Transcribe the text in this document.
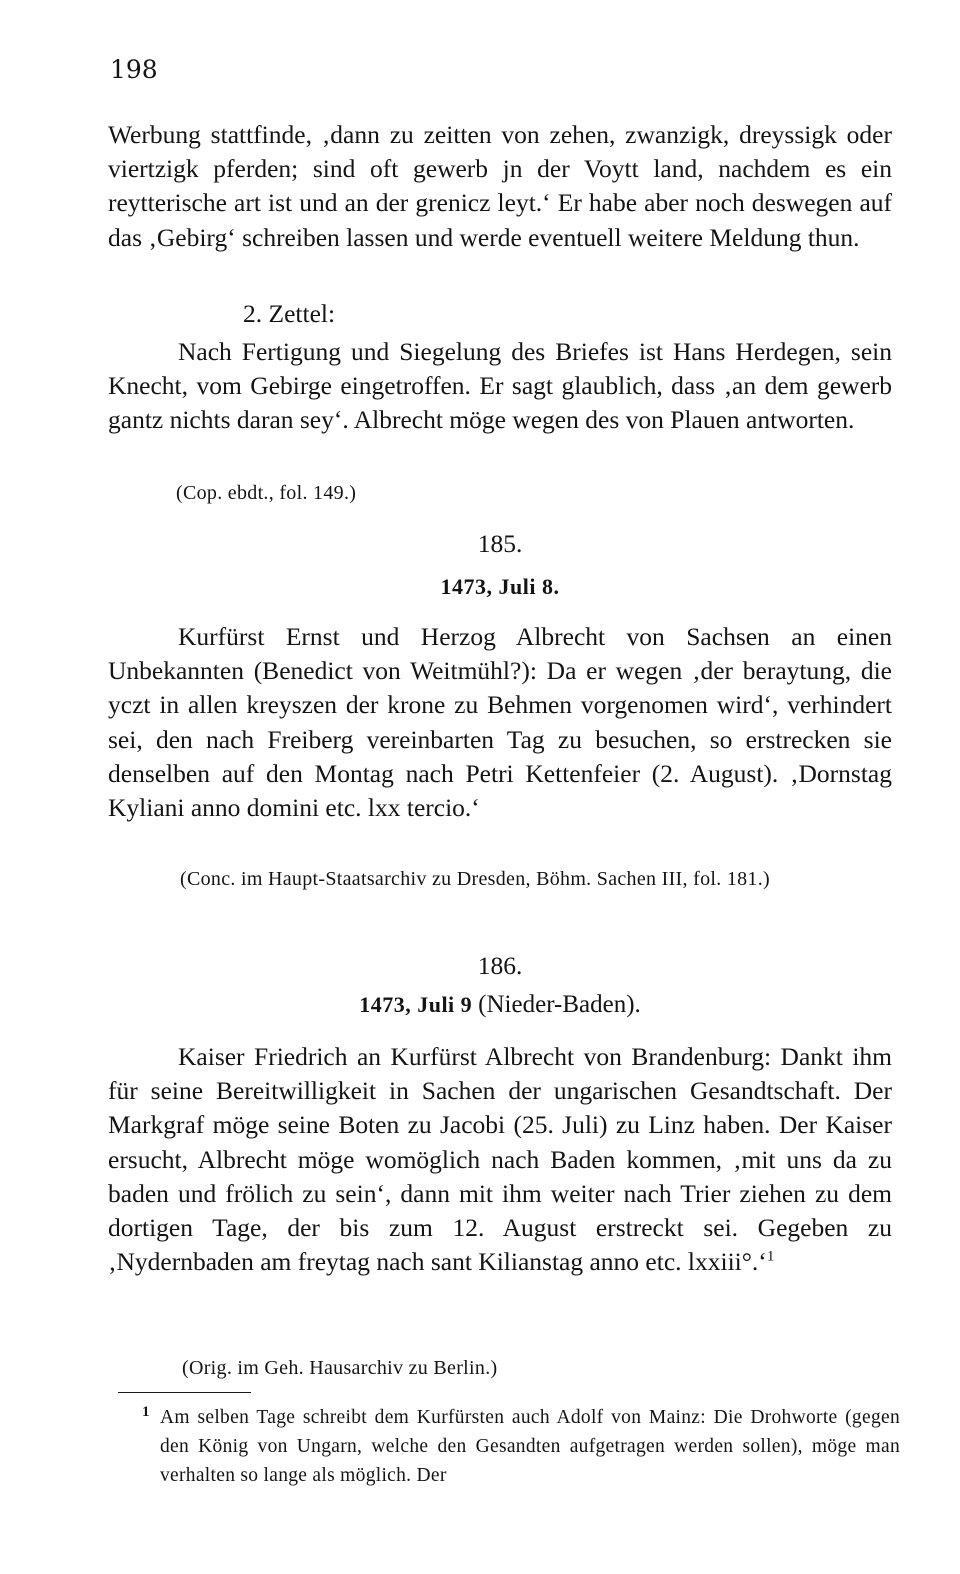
198

Werbung stattfinde, ‚dann zu zeitten von zehen, zwanzigk, dreyssigk oder viertzigk pferden; sind oft gewerb jn der Voytt land, nachdem es ein reytterische art ist und an der grenicz leyt.‘ Er habe aber noch deswegen auf das ‚Gebirg‘ schreiben lassen und werde eventuell weitere Meldung thun.

2. Zettel:

Nach Fertigung und Siegelung des Briefes ist Hans Herdegen, sein Knecht, vom Gebirge eingetroffen. Er sagt glaublich, dass ‚an dem gewerb gantz nichts daran sey‘. Albrecht möge wegen des von Plauen antworten.

(Cop. ebdt., fol. 149.)
185.
1473, Juli 8.

Kurfürst Ernst und Herzog Albrecht von Sachsen an einen Unbekannten (Benedict von Weitmühl?): Da er wegen ‚der beraytung, die yczt in allen kreyszen der krone zu Behmen vorgenomen wird‘, verhindert sei, den nach Freiberg vereinbarten Tag zu besuchen, so erstrecken sie denselben auf den Montag nach Petri Kettenfeier (2. August). ‚Dornstag Kyliani anno domini etc. lxx tercio.‘

(Conc. im Haupt-Staatsarchiv zu Dresden, Böhm. Sachen III, fol. 181.)
186.
1473, Juli 9 (Nieder-Baden).

Kaiser Friedrich an Kurfürst Albrecht von Brandenburg: Dankt ihm für seine Bereitwilligkeit in Sachen der ungarischen Gesandtschaft. Der Markgraf möge seine Boten zu Jacobi (25. Juli) zu Linz haben. Der Kaiser ersucht, Albrecht möge womöglich nach Baden kommen, ‚mit uns da zu baden und frölich zu sein‘, dann mit ihm weiter nach Trier ziehen zu dem dortigen Tage, der bis zum 12. August erstreckt sei. Gegeben zu ‚Nydernbaden am freytag nach sant Kilianstag anno etc. lxxiii°.‘$^1$

(Orig. im Geh. Hausarchiv zu Berlin.)
1 Am selben Tage schreibt dem Kurfürsten auch Adolf von Mainz: Die Drohworte (gegen den König von Ungarn, welche den Gesandten aufgetragen werden sollen), möge man verhalten so lange als möglich. Der
